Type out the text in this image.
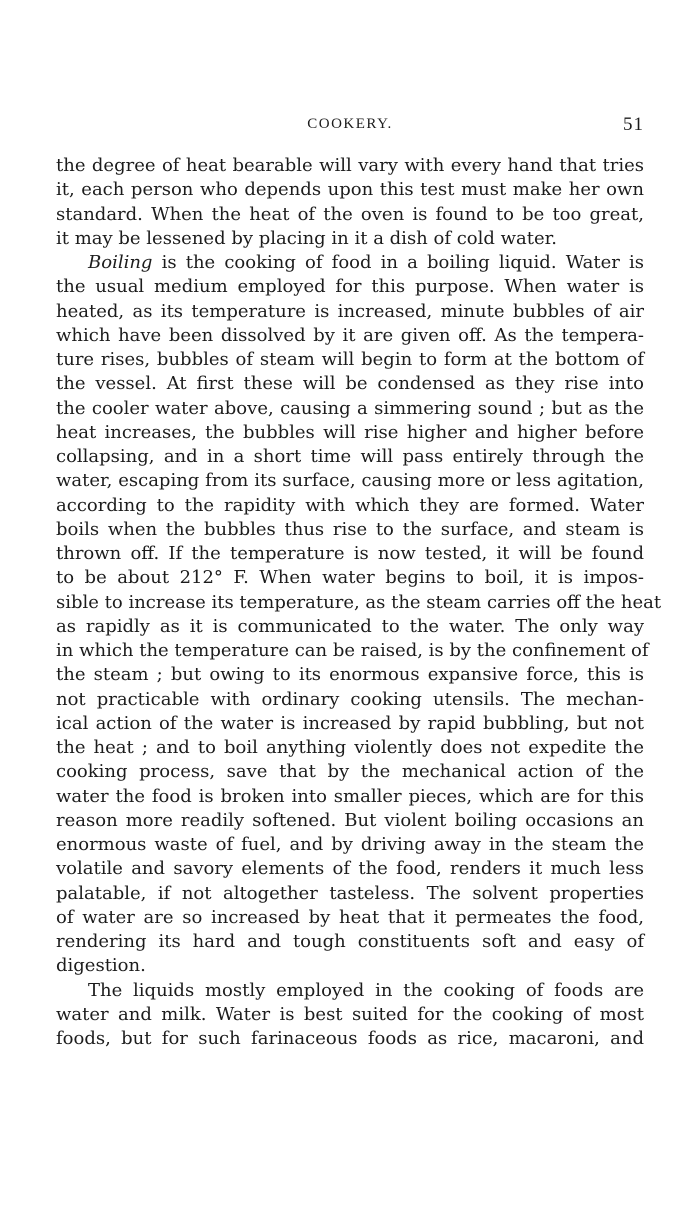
COOKERY.	51
the degree of heat bearable will vary with every hand that tries
it, each person who depends upon this test must make her own
standard. When the heat of the oven is found to be too great,
it may be lessened by placing in it a dish of cold water.
Boiling is the cooking of food in a boiling liquid. Water is
the usual medium employed for this purpose. When water is
heated, as its temperature is increased, minute bubbles of air
which have been dissolved by it are given off. As the tempera-
ture rises, bubbles of steam will begin to form at the bottom of
the vessel. At first these will be condensed as they rise into
the cooler water above, causing a simmering sound ; but as the
heat increases, the bubbles will rise higher and higher before
collapsing, and in a short time will pass entirely through the
water, escaping from its surface, causing more or less agitation,
according to the rapidity with which they are formed. Water
boils when the bubbles thus rise to the surface, and steam is
thrown off. If the temperature is now tested, it will be found
to be about 212° F. When water begins to boil, it is impos-
sible to increase its temperature, as the steam carries off the heat
as rapidly as it is communicated to the water. The only way
in which the temperature can be raised, is by the confinement of
the steam ; but owing to its enormous expansive force, this is
not practicable with ordinary cooking utensils. The mechan-
ical action of the water is increased by rapid bubbling, but not
the heat ; and to boil anything violently does not expedite the
cooking process, save that by the mechanical action of the
water the food is broken into smaller pieces, which are for this
reason more readily softened. But violent boiling occasions an
enormous waste of fuel, and by driving away in the steam the
volatile and savory elements of the food, renders it much less
palatable, if not altogether tasteless. The solvent properties
of water are so increased by heat that it permeates the food,
rendering its hard and tough constituents soft and easy of
digestion.
The liquids mostly employed in the cooking of foods are
water and milk. Water is best suited for the cooking of most
foods, but for such farinaceous foods as rice, macaroni, and
